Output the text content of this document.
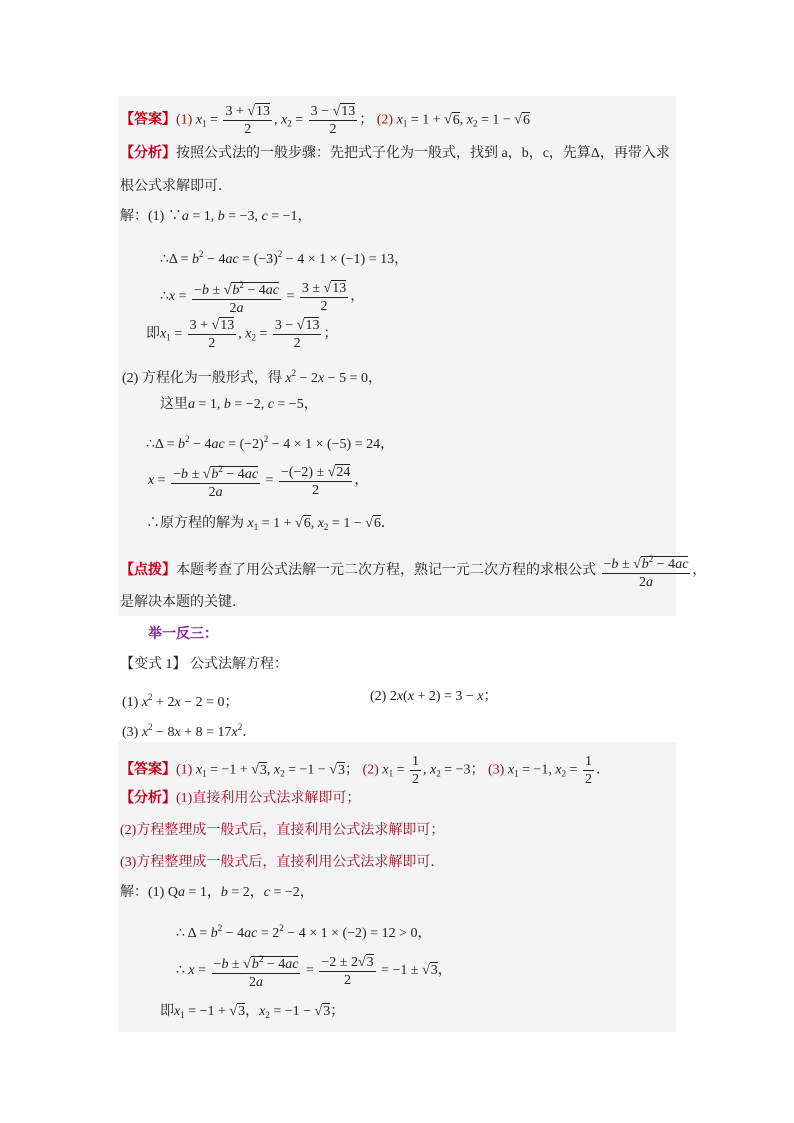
【答案】(1) $x_1 = \frac{3 + √13}{2}$ , $x_2 = \frac{3 - √13}{2}$ ； (2) $x_1 = 1 + √6$, $x_2 = 1 - √6$
【分析】按照公式法的一般步骤：先把式子化为一般式，找到 a，b，c，先算Δ，再带入求
根公式求解即可．
解：(1) ∵a = 1, b = −3, c = −1，
∴Δ = $b^2 - 4ac = (-3)^2 - 4 \times 1 \times (-1) = 13$，
∴x = $\frac{-b \pm √b^2 - 4ac}{2a} = \frac{3 \pm √13}{2}$ ，
即$x_1 = \frac{3 + √13}{2}$ , $x_2 = \frac{3 - √13}{2}$ ；
(2) 方程化为一般形式，得 $x^2 - 2x - 5 = 0$，
这里a = 1, b = −2, c = −5，
∴Δ = $b^2 - 4ac = (-2)^2 - 4 \times 1 \times (-5) = 24$，
$x = \frac{-b \pm √b^2 - 4ac}{2a} = \frac{-(-2) \pm √24}{2}$ ，
∴原方程的解为 $x_1 = 1 + √6$, $x_2 = 1 - √6$．
【点拨】本题考查了用公式法解一元二次方程，熟记一元二次方程的求根公式 $\frac{-b \pm √b^2 - 4ac}{2a}$ ，
是解决本题的关键．
举一反三：
【变式 1】 公式法解方程：
(1) $x^2 + 2x - 2 = 0$；	(2) 2x(x + 2) = 3 − x；
(3) $x^2 - 8x + 8 = 17x^2$．
【答案】(1) $x_1 = -1 + √3$, $x_2 = -1 - √3$； (2) $x_1 = \frac{1}{2}$ , $x_2 = -3$； (3) $x_1 = -1$, $x_2 = \frac{1}{2}$ ．
【分析】(1)直接利用公式法求解即可；
(2)方程整理成一般式后，直接利用公式法求解即可；
(3)方程整理成一般式后，直接利用公式法求解即可．
解：(1) Qa = 1，b = 2，c = −2，
∴ $\Delta = b^2 - 4ac = 2^2 - 4 \times 1 \times (-2) = 12 > 0$，
∴ $x = \frac{-b \pm √b^2 - 4ac}{2a} = \frac{-2 \pm 2√3}{2} = -1 \pm √3$，
即$x_1 = -1 + √3$，$x_2 = -1 - √3$；
